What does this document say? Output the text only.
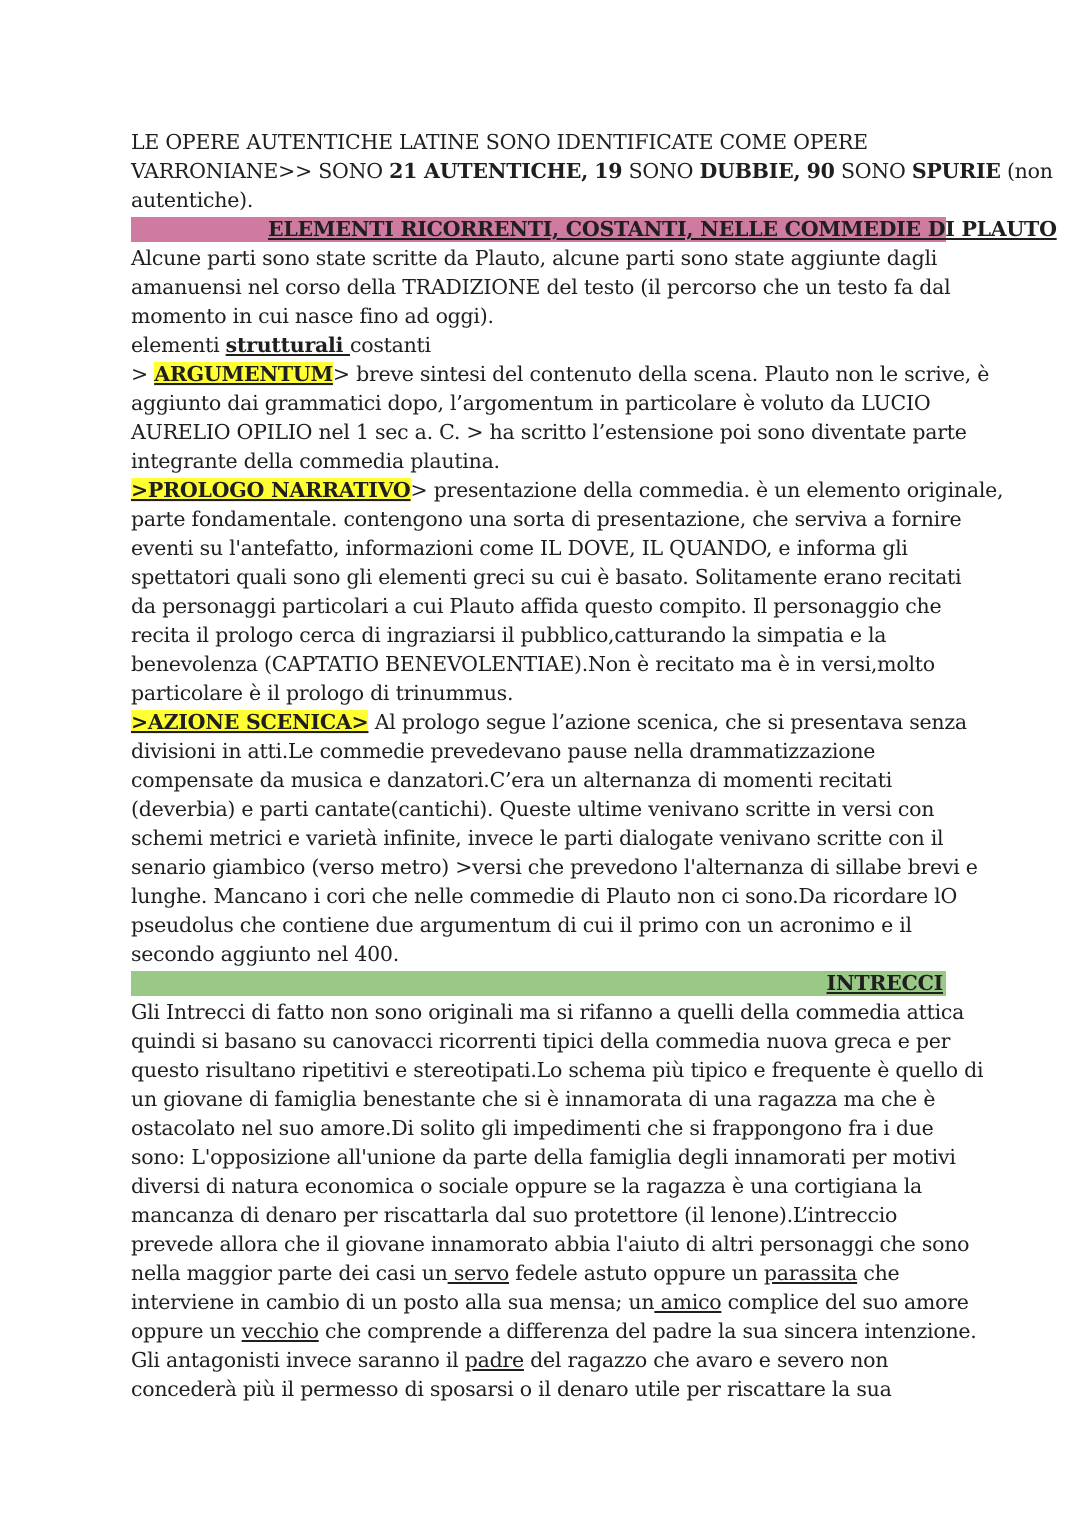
LE OPERE AUTENTICHE LATINE SONO IDENTIFICATE COME OPERE
VARRONIANE>> SONO 21 AUTENTICHE, 19 SONO DUBBIE, 90 SONO SPURIE (non
autentiche).
ELEMENTI RICORRENTI, COSTANTI, NELLE COMMEDIE DI PLAUTO
Alcune parti sono state scritte da Plauto, alcune parti sono state aggiunte dagli
amanuensi nel corso della TRADIZIONE del testo (il percorso che un testo fa dal
momento in cui nasce fino ad oggi).
elementi strutturali costanti
> ARGUMENTUM> breve sintesi del contenuto della scena. Plauto non le scrive, è
aggiunto dai grammatici dopo, l’argomentum in particolare è voluto da LUCIO
AURELIO OPILIO nel 1 sec a. C. > ha scritto l’estensione poi sono diventate parte
integrante della commedia plautina.
>PROLOGO NARRATIVO> presentazione della commedia. è un elemento originale,
parte fondamentale. contengono una sorta di presentazione, che serviva a fornire
eventi su l'antefatto, informazioni come IL DOVE, IL QUANDO, e informa gli
spettatori quali sono gli elementi greci su cui è basato. Solitamente erano recitati
da personaggi particolari a cui Plauto affida questo compito. Il personaggio che
recita il prologo cerca di ingraziarsi il pubblico,catturando la simpatia e la
benevolenza (CAPTATIO BENEVOLENTIAE).Non è recitato ma è in versi,molto
particolare è il prologo di trinummus.
>AZIONE SCENICA> Al prologo segue l’azione scenica, che si presentava senza
divisioni in atti.Le commedie prevedevano pause nella drammatizzazione
compensate da musica e danzatori.C’era un alternanza di momenti recitati
(deverbia) e parti cantate(cantichi). Queste ultime venivano scritte in versi con
schemi metrici e varietà infinite, invece le parti dialogate venivano scritte con il
senario giambico (verso metro) >versi che prevedono l'alternanza di sillabe brevi e
lunghe. Mancano i cori che nelle commedie di Plauto non ci sono.Da ricordare lO
pseudolus che contiene due argumentum di cui il primo con un acronimo e il
secondo aggiunto nel 400.
INTRECCI
Gli Intrecci di fatto non sono originali ma si rifanno a quelli della commedia attica
quindi si basano su canovacci ricorrenti tipici della commedia nuova greca e per
questo risultano ripetitivi e stereotipati.Lo schema più tipico e frequente è quello di
un giovane di famiglia benestante che si è innamorata di una ragazza ma che è
ostacolato nel suo amore.Di solito gli impedimenti che si frappongono fra i due
sono: L'opposizione all'unione da parte della famiglia degli innamorati per motivi
diversi di natura economica o sociale oppure se la ragazza è una cortigiana la
mancanza di denaro per riscattarla dal suo protettore (il lenone).L’intreccio
prevede allora che il giovane innamorato abbia l'aiuto di altri personaggi che sono
nella maggior parte dei casi un servo fedele astuto oppure un parassita che
interviene in cambio di un posto alla sua mensa; un amico complice del suo amore
oppure un vecchio che comprende a differenza del padre la sua sincera intenzione.
Gli antagonisti invece saranno il padre del ragazzo che avaro e severo non
concederà più il permesso di sposarsi o il denaro utile per riscattare la sua
